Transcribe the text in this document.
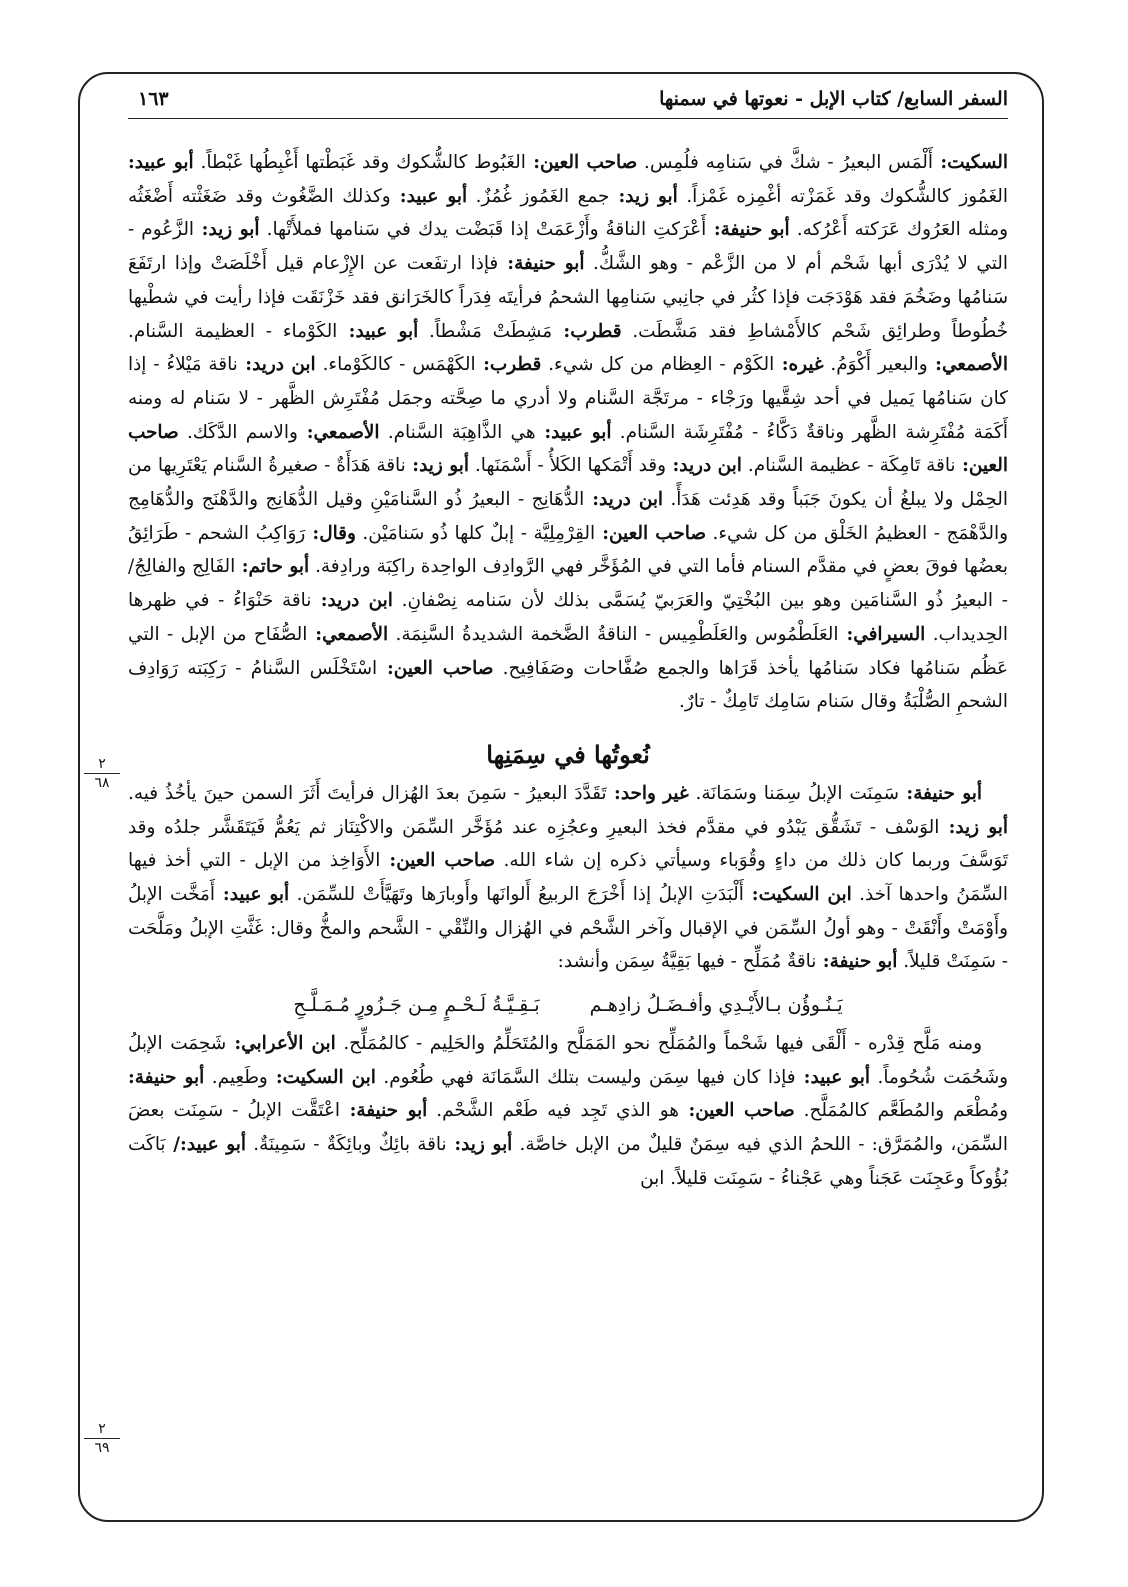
السفر السابع/ كتاب الإبل - نعوتها في سمنها
١٦٣

السكيت: أَلْمَس البعيرُ - شكَّ في سَنامِه فلُمِس. صاحب العين: الغَبُوط كالشُّكوك وقد غَبَطْتها أَغْبِطُها غَبْطاً. أبو عبيد: الغَمُوز كالشُّكوك وقد غَمَزْته أغْمِزه غَمْزاً. أبو زيد: جمع الغَمُوز غُمُزٌ. أبو عبيد: وكذلك الضَّغُوث وقد ضَغَثْته أَضْغَثُه ومثله العَرُوك عَرَكته أَعْرُكه. أبو حنيفة: أَعْرَكتِ الناقةُ وأَزْعَمَتْ إذا قَبَضْت يدك في سَنامها فملأَتْها. أبو زيد: الزَّعُوم - التي لا يُدْرَى أبها شَحْم أم لا من الزَّعْم - وهو الشَّكُّ. أبو حنيفة: فإذا ارتفَعت عن الإِزْعام قيل أَخْلَصَتْ وإذا ارتَفَعَ سَنامُها وضَخُمَ فقد هَوْدَجَت فإذا كثُر في جانِبي سَنامِها الشحمُ فرأيتَه فِدَراً كالخَرَانق فقد خَزْنَقَت فإذا رأيت في شطْيها خُطُوطاً وطرائِق شَحْم كالأَمْشاطِ فقد مَشَّطَت. قطرب: مَشِطَتْ مَشْطاً. أبو عبيد: الكَوْماء - العظيمة السَّنام. الأصمعي: والبعير أَكْوَمُ. غيره: الكَوْم - العِظام من كل شيء. قطرب: الكَهْمَس - كالكَوْماء. ابن دريد: ناقة مَيْلاءُ - إذا كان سَنامُها يَميل في أحد شِقَّيها ورَجْاء - مرتَجَّة السَّنام ولا أدري ما صِحَّته وجمَل مُفْتَرِش الظَّهر - لا سَنام له ومنه أَكَمَة مُفْتَرِشة الظَّهر وناقةٌ دَكَّاءُ - مُفْتَرِشَة السَّنام. أبو عبيد: هي الذَّاهِبَة السَّنام. الأصمعي: والاسم الدَّكَك. صاحب العين: ناقة تَامِكَة - عظيمة السَّنام. ابن دريد: وقد أَتْمَكها الكَلأُ - أَسْمَنَها. أبو زيد: ناقة هَدَأَةٌ - صغيرةُ السَّنام يَعْتَرِيها من الحِمْل ولا يبلغُ أن يكونَ جَبَباً وقد هَدِئت هَدَأً. ابن دريد: الدُّهَانِج - البعيرُ ذُو السَّنامَيْنِ وقيل الدُّهَانِج والدَّهْنَج والدُّهَامِج والدَّهْمَج - العظيمُ الخَلْق من كل شيء. صاحب العين: القِرْمِلِيَّة - إبلٌ كلها ذُو سَنامَيْن. وقال: رَوَاكِبُ الشحم - طَرَائِقُ بعضُها فوقَ بعضٍ في مقدَّم السنام فأما التي في المُؤَخَّر فهي الرَّوادِف الواحِدة راكِبَة ورادِفة. أبو حاتم: الفَالِج والفالِجُ/ - البعيرُ ذُو السَّنامَين وهو بين البُخْتِيّ والعَرَبيّ يُسَمَّى بذلك لأن سَنامه نِصْفانِ. ابن دريد: ناقة حَنْوَاءُ - في ظهرها الحِديداب. السيرافي: العَلَطْمُوس والعَلَطْمِيس - الناقةُ الضَّخمة الشديدةُ السَّنِمَة. الأصمعي: الصُّفَاح من الإبل - التي عَظُم سَنامُها فكاد سَنامُها يأخذ قَرَاها والجمع صُفَّاحات وصَفَافِيح. صاحب العين: اسْتَخْلَس السَّنامُ - رَكِبَته رَوَادِف الشحمِ الصُّلْبَةُ وقال سَنام سَامِك تَامِكٌ - تارٌ.

نُعوتُها في سِمَنِها

أبو حنيفة: سَمِنَت الإبلُ سِمَنا وسَمَانَة. غير واحد: تَقَدَّدَ البعيرُ - سَمِنَ بعدَ الهُزال فرأيتَ أَثَرَ السمن حينَ يأخُذُ فيه. أبو زيد: الوَسْف - تَشَقُّق يَبْدُو في مقدَّم فخذ البعيرِ وعجُزِه عند مُؤَخَّر السِّمَن والاكْتِنَاز ثم يَعُمُّ فَيَتَقَشَّر جلدُه وقد تَوَسَّفَ وربما كان ذلك من داءٍ وقُوَباء وسيأتي ذكره إن شاء الله. صاحب العين: الأَوَاخِذ من الإبل - التي أخذ فيها السِّمَنُ واحدها آخذ. ابن السكيت: أَلْبَدَتِ الإبلُ إذا أَخْرَجَ الربيعُ أَلوانَها وأَوبارَها وتَهَيَّأَتْ للسِّمَن. أبو عبيد: أَمَخَّت الإبلُ وأَوْمَتْ وأَنْقَتْ - وهو أولُ السِّمَن في الإقبال وآخر الشَّحْم في الهُزال والنِّقْي - الشَّحم والمخُّ وقال: غَثَّتِ الإبلُ ومَلَّحَت - سَمِنَتْ قليلاً. أبو حنيفة: ناقةٌ مُمَلِّح - فيها بَقِيَّةُ سِمَن وأنشد:

يَـنُـوؤُن بـالأَيْـدِي وأفـضَـلُ زادِهـم
بَـقِـيَّـةُ لَـحْـمٍ مِـن جَـزُورٍ مُـمَـلَّـحِ

ومنه مَلَّح قِدْره - أَلْقَى فيها شَحْماً والمُمَلِّح نحو المَمَلَّح والمُتَحَلِّمُ والحَلِيم - كالمُمَلِّح. ابن الأعرابي: شَحِمَت الإبلُ وشَحُمَت شُحُوماً. أبو عبيد: فإذا كان فيها سِمَن وليست بتلك السَّمَانَة فهي طُعُوم. ابن السكيت: وطَعِيم. أبو حنيفة: ومُطْعَم والمُطَعَّم كالمُمَلَّح. صاحب العين: هو الذي تَجِد فيه طَعْم الشَّحْم. أبو حنيفة: اعْتَقَّت الإبلُ - سَمِنَت بعضَ السِّمَن، والمُمَرَّق: - اللحمُ الذي فيه سِمَنٌ قليلٌ من الإبل خاصَّة. أبو زيد: ناقة بائِكٌ وبائِكَةٌ - سَمِينَةٌ. أبو عبيد:/ بَاكَت بُؤُوكاً وعَجِنَت عَجَناً وهي عَجْناءُ - سَمِنَت قليلاً. ابن

٢
٦٨
٢
٦٩
